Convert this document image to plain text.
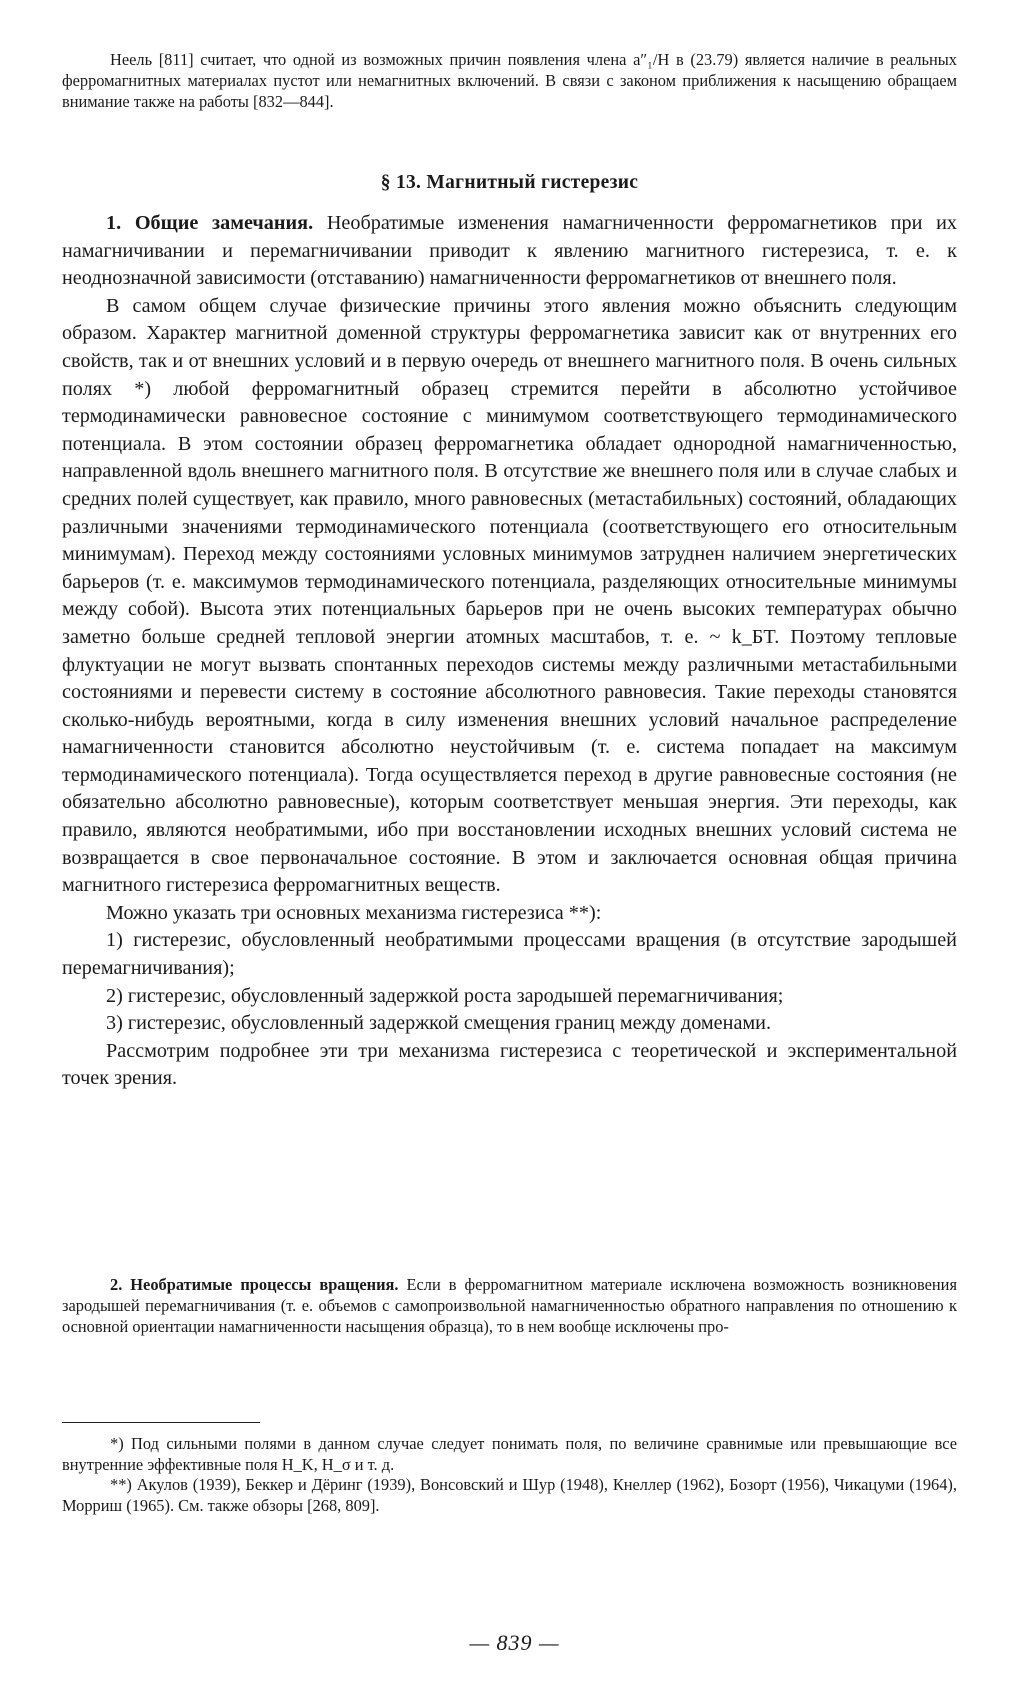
Неель [811] считает, что одной из возможных причин появления члена a″₁/H в (23.79) является наличие в реальных ферромагнитных материалах пустот или немагнитных включений. В связи с законом приближения к насыщению обращаем внимание также на работы [832—844].

§ 13. Магнитный гистерезис

1. Общие замечания. Необратимые изменения намагниченности ферромагнетиков при их намагничивании и перемагничивании приводит к явлению магнитного гистерезиса, т. е. к неоднозначной зависимости (отставанию) намагниченности ферромагнетиков от внешнего поля.

В самом общем случае физические причины этого явления можно объяснить следующим образом. Характер магнитной доменной структуры ферромагнетика зависит как от внутренних его свойств, так и от внешних условий и в первую очередь от внешнего магнитного поля. В очень сильных полях *) любой ферромагнитный образец стремится перейти в абсолютно устойчивое термодинамически равновесное состояние с минимумом соответствующего термодинамического потенциала. В этом состоянии образец ферромагнетика обладает однородной намагниченностью, направленной вдоль внешнего магнитного поля. В отсутствие же внешнего поля или в случае слабых и средних полей существует, как правило, много равновесных (метастабильных) состояний, обладающих различными значениями термодинамического потенциала (соответствующего его относительным минимумам). Переход между состояниями условных минимумов затруднен наличием энергетических барьеров (т. е. максимумов термодинамического потенциала, разделяющих относительные минимумы между собой). Высота этих потенциальных барьеров при не очень высоких температурах обычно заметно больше средней тепловой энергии атомных масштабов, т. е. ~ k_БT. Поэтому тепловые флуктуации не могут вызвать спонтанных переходов системы между различными метастабильными состояниями и перевести систему в состояние абсолютного равновесия. Такие переходы становятся сколько-нибудь вероятными, когда в силу изменения внешних условий начальное распределение намагниченности становится абсолютно неустойчивым (т. е. система попадает на максимум термодинамического потенциала). Тогда осуществляется переход в другие равновесные состояния (не обязательно абсолютно равновесные), которым соответствует меньшая энергия. Эти переходы, как правило, являются необратимыми, ибо при восстановлении исходных внешних условий система не возвращается в свое первоначальное состояние. В этом и заключается основная общая причина магнитного гистерезиса ферромагнитных веществ.

Можно указать три основных механизма гистерезиса **):

1) гистерезис, обусловленный необратимыми процессами вращения (в отсутствие зародышей перемагничивания);

2) гистерезис, обусловленный задержкой роста зародышей перемагничивания;

3) гистерезис, обусловленный задержкой смещения границ между доменами.

Рассмотрим подробнее эти три механизма гистерезиса с теоретической и экспериментальной точек зрения.

2. Необратимые процессы вращения. Если в ферромагнитном материале исключена возможность возникновения зародышей перемагничивания (т. е. объемов с самопроизвольной намагниченностью обратного направления по отношению к основной ориентации намагниченности насыщения образца), то в нем вообще исключены про-

*) Под сильными полями в данном случае следует понимать поля, по величине сравнимые или превышающие все внутренние эффективные поля H_K, H_σ и т. д.

**) Акулов (1939), Беккер и Дёринг (1939), Вонсовский и Шур (1948), Кнеллер (1962), Бозорт (1956), Чикацуми (1964), Морриш (1965). См. также обзоры [268, 809].

— 839 —
